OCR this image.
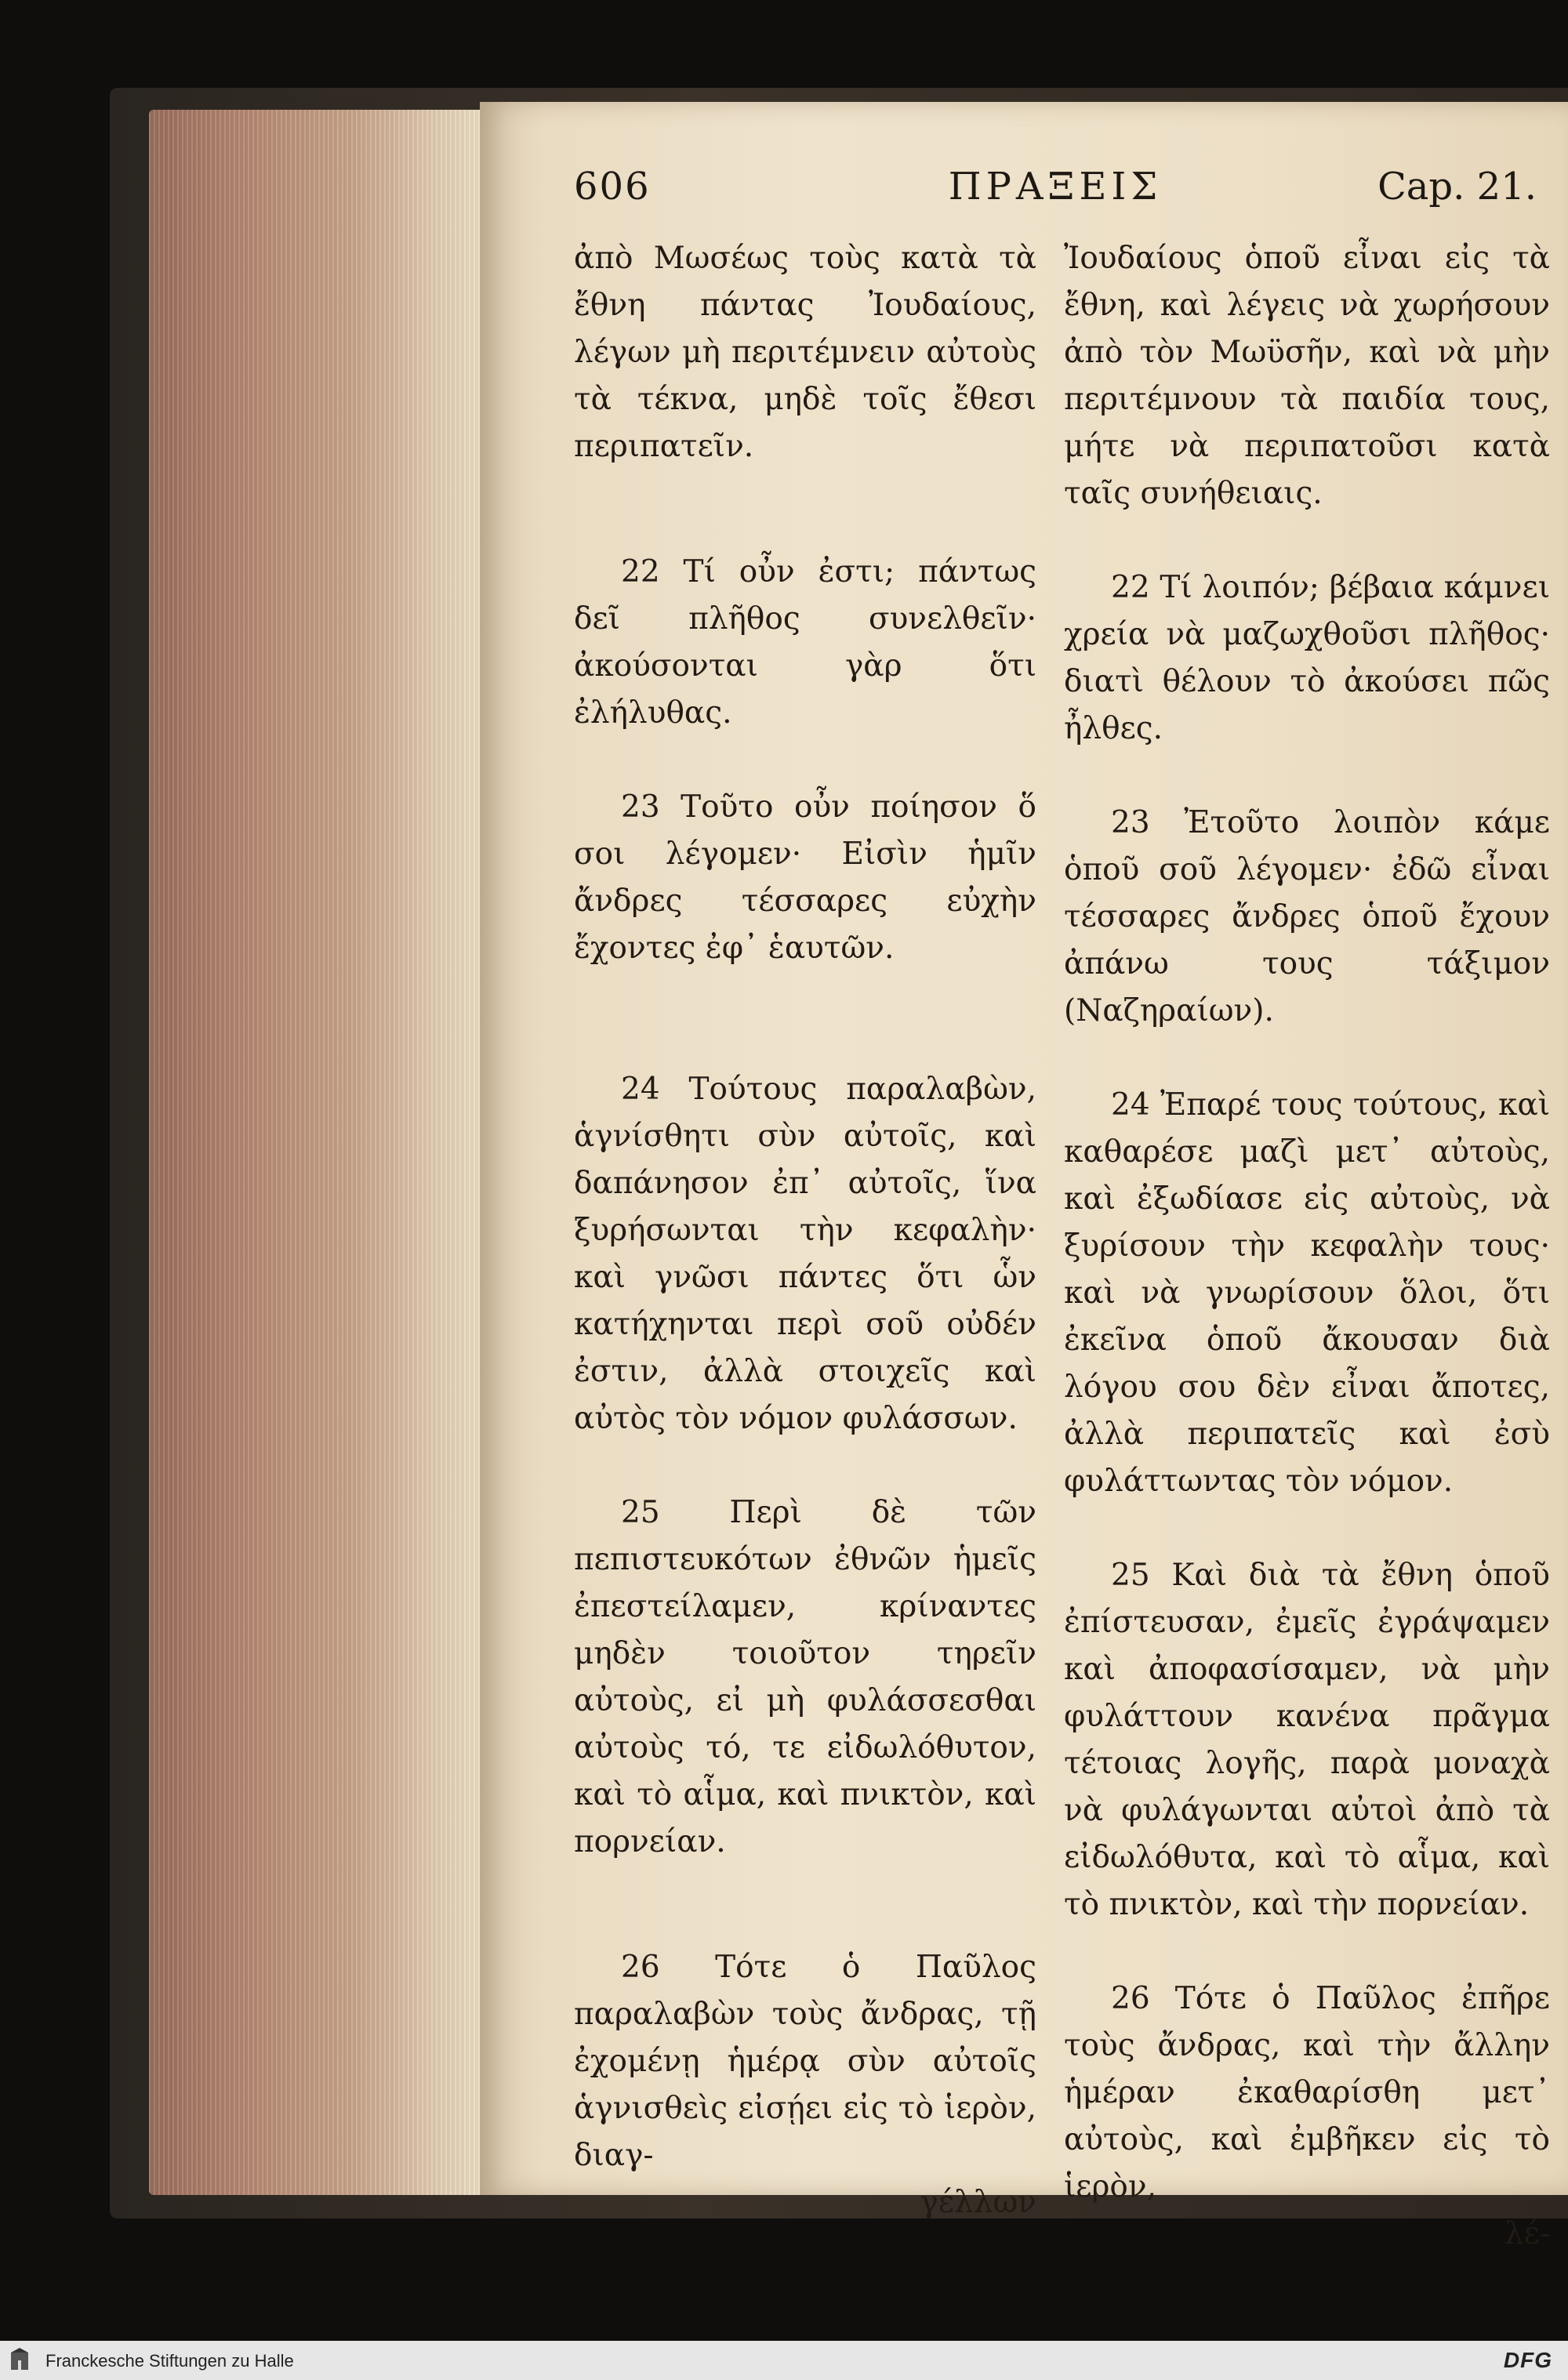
606	ΠΡΑΞΕΙΣ	Cap. 21.

ἀπὸ Μωσέως τοὺς κατὰ τὰ ἔθνη πάντας Ἰουδαίους, λέγων μὴ περιτέμνειν αὐτοὺς τὰ τέκνα, μηδὲ τοῖς ἔθεσι περιπατεῖν.

22 Τί οὖν ἐστι; πάντως δεῖ πλῆθος συνελθεῖν· ἀκούσονται γὰρ ὅτι ἐλήλυθας.

23 Τοῦτο οὖν ποίησον ὅ σοι λέγομεν· Εἰσὶν ἡμῖν ἄνδρες τέσσαρες εὐχὴν ἔχοντες ἐφ᾽ ἑαυτῶν.

24 Τούτους παραλαβὼν, ἁγνίσθητι σὺν αὐτοῖς, καὶ δαπάνησον ἐπ᾽ αὐτοῖς, ἵνα ξυρήσωνται τὴν κεφαλὴν· καὶ γνῶσι πάντες ὅτι ὧν κατήχηνται περὶ σοῦ οὐδέν ἐστιν, ἀλλὰ στοιχεῖς καὶ αὐτὸς τὸν νόμον φυλάσσων.

25 Περὶ δὲ τῶν πεπιστευκότων ἐθνῶν ἡμεῖς ἐπεστείλαμεν, κρίναντες μηδὲν τοιοῦτον τηρεῖν αὐτοὺς, εἰ μὴ φυλάσσεσθαι αὐτοὺς τό, τε εἰδωλόθυτον, καὶ τὸ αἷμα, καὶ πνικτὸν, καὶ πορνείαν.

26 Τότε ὁ Παῦλος παραλαβὼν τοὺς ἄνδρας, τῇ ἐχομένῃ ἡμέρᾳ σὺν αὐτοῖς ἁγνισθεὶς εἰσῄει εἰς τὸ ἱερὸν, διαγ-

γέλλων

Ἰουδαίους ὁποῦ εἶναι εἰς τὰ ἔθνη, καὶ λέγεις νὰ χωρήσουν ἀπὸ τὸν Μωϋσῆν, καὶ νὰ μὴν περιτέμνουν τὰ παιδία τους, μήτε νὰ περιπατοῦσι κατὰ ταῖς συνήθειαις.

22 Τί λοιπόν; βέβαια κάμνει χρεία νὰ μαζωχθοῦσι πλῆθος· διατὶ θέλουν τὸ ἀκούσει πῶς ἦλθες.

23 Ἐτοῦτο λοιπὸν κάμε ὁποῦ σοῦ λέγομεν· ἐδῶ εἶναι τέσσαρες ἄνδρες ὁποῦ ἔχουν ἀπάνω τους τάξιμον (Ναζηραίων).

24 Ἐπαρέ τους τούτους, καὶ καθαρέσε μαζὶ μετ᾽ αὐτοὺς, καὶ ἐξωδίασε εἰς αὐτοὺς, νὰ ξυρίσουν τὴν κεφαλὴν τους· καὶ νὰ γνωρίσουν ὅλοι, ὅτι ἐκεῖνα ὁποῦ ἄκουσαν διὰ λόγου σου δὲν εἶναι ἄποτες, ἀλλὰ περιπατεῖς καὶ ἐσὺ φυλάττωντας τὸν νόμον.

25 Καὶ διὰ τὰ ἔθνη ὁποῦ ἐπίστευσαν, ἐμεῖς ἐγράψαμεν καὶ ἀποφασίσαμεν, νὰ μὴν φυλάττουν κανένα πρᾶγμα τέτοιας λογῆς, παρὰ μοναχὰ νὰ φυλάγωνται αὐτοὶ ἀπὸ τὰ εἰδωλόθυτα, καὶ τὸ αἷμα, καὶ τὸ πνικτὸν, καὶ τὴν πορνείαν.

26 Τότε ὁ Παῦλος ἐπῆρε τοὺς ἄνδρας, καὶ τὴν ἄλλην ἡμέραν ἐκαθαρίσθη μετ᾽ αὐτοὺς, καὶ ἐμβῆκεν εἰς τὸ ἱερὸν,

λέ-

Franckesche Stiftungen zu Halle	DFG
